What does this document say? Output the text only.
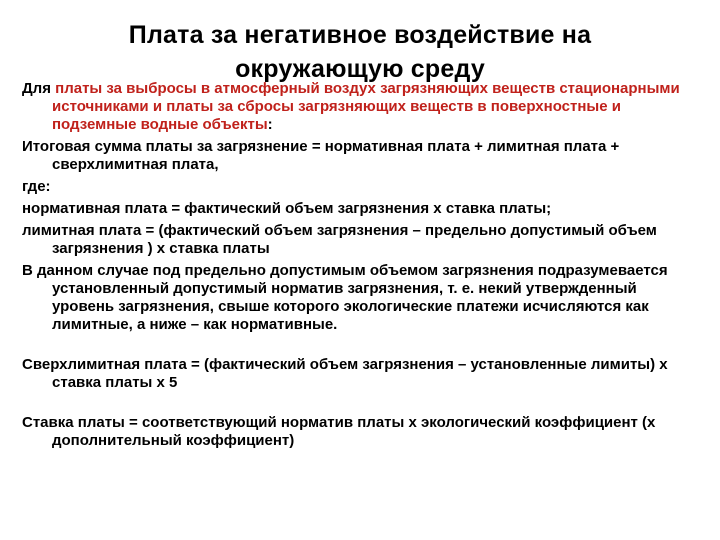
Плата за негативное воздействие на окружающую среду

Для платы за выбросы в атмосферный воздух загрязняющих веществ стационарными источниками и платы за сбросы загрязняющих веществ в поверхностные и подземные водные объекты:

Итоговая сумма платы за загрязнение = нормативная плата + лимитная плата + сверхлимитная плата,

где:

нормативная плата = фактический объем загрязнения х ставка платы;

лимитная плата = (фактический объем загрязнения – предельно допустимый объем загрязнения ) х ставка платы

В данном случае под предельно допустимым объемом загрязнения подразумевается установленный допустимый норматив загрязнения, т. е. некий утвержденный уровень загрязнения, свыше которого экологические платежи исчисляются как лимитные, а ниже – как нормативные.

Сверхлимитная плата = (фактический объем загрязнения – установленные лимиты) х ставка платы х 5

Ставка платы = соответствующий норматив платы х экологический коэффициент (х дополнительный коэффициент)
